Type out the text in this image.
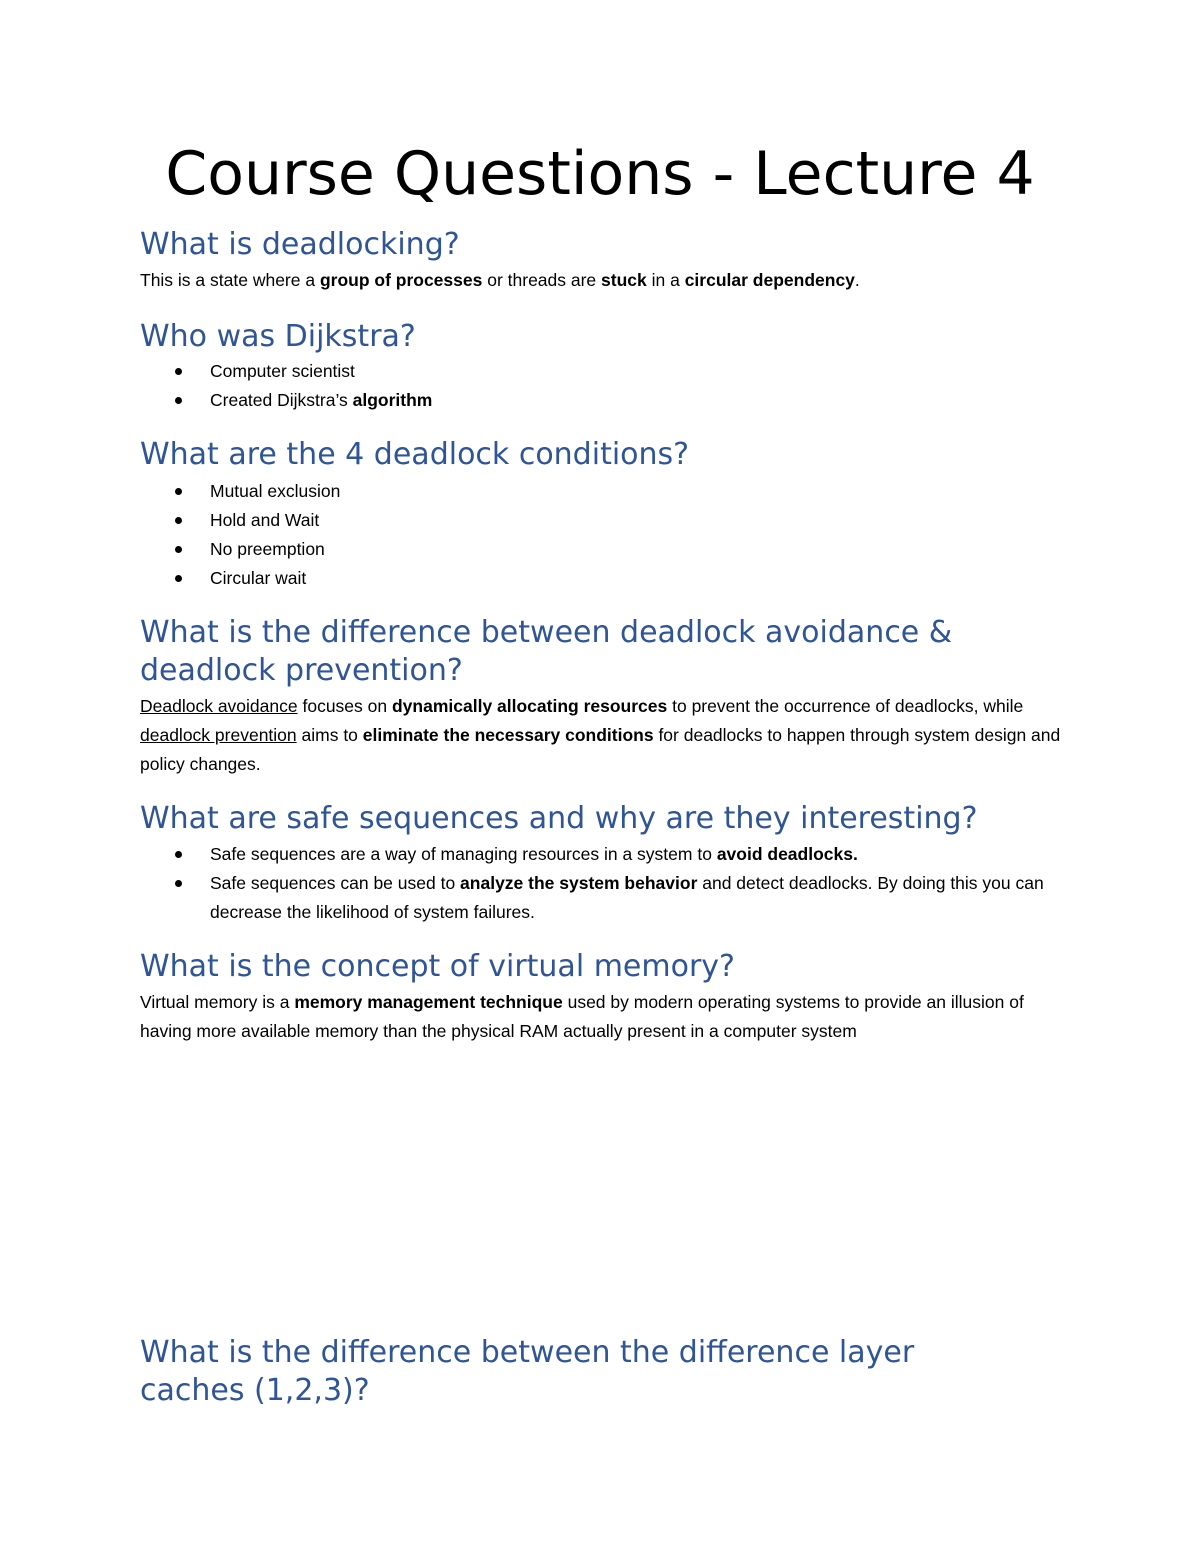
Course Questions - Lecture 4
What is deadlocking?

This is a state where a group of processes or threads are stuck in a circular dependency.

Who was Dijkstra?
Computer scientist
Created Dijkstra’s algorithm
What are the 4 deadlock conditions?
Mutual exclusion
Hold and Wait
No preemption
Circular wait
What is the difference between deadlock avoidance & deadlock prevention?

Deadlock avoidance focuses on dynamically allocating resources to prevent the occurrence of deadlocks, while deadlock prevention aims to eliminate the necessary conditions for deadlocks to happen through system design and policy changes.

What are safe sequences and why are they interesting?
Safe sequences are a way of managing resources in a system to avoid deadlocks.
Safe sequences can be used to analyze the system behavior and detect deadlocks. By doing this you can decrease the likelihood of system failures.
What is the concept of virtual memory?

Virtual memory is a memory management technique used by modern operating systems to provide an illusion of having more available memory than the physical RAM actually present in a computer system

What is the difference between the difference layer caches (1,2,3)?
